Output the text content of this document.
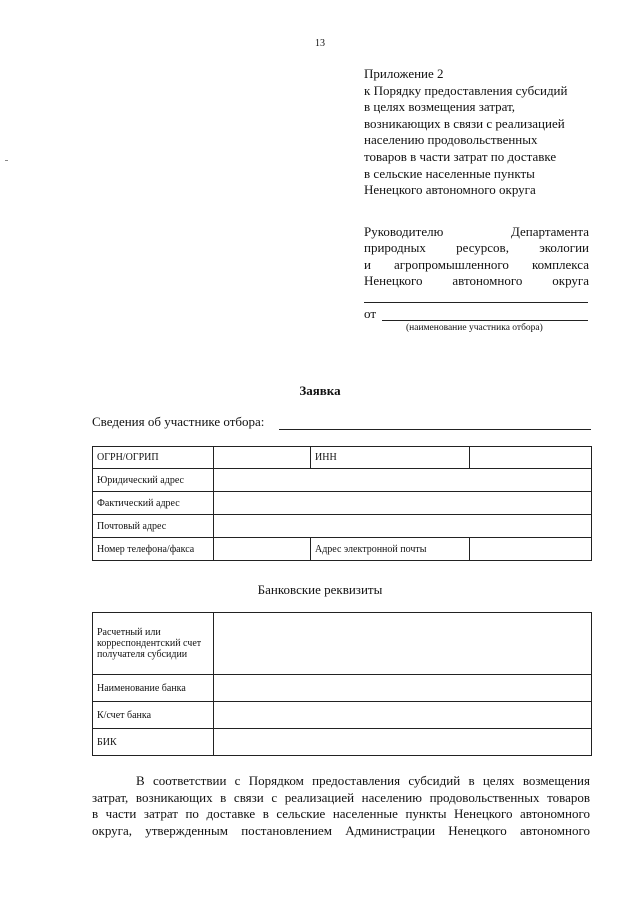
13
Приложение 2
к Порядку предоставления субсидий
в целях возмещения затрат,
возникающих в связи с реализацией
населению продовольственных
товаров в части затрат по доставке
в сельские населенные пункты
Ненецкого автономного округа
Руководителю Департамента
природных ресурсов, экологии
и агропромышленного комплекса
Ненецкого автономного округа
от
(наименование участника отбора)
Заявка
Сведения об участнике отбора:
ОГРН/ОГРИП		ИНН	
Юридический адрес			
Фактический адрес			
Почтовый адрес			
Номер телефона/факса		Адрес электронной почты	
Банковские реквизиты
Расчетный или корреспондентский счет получателя субсидии	
Наименование банка	
К/счет банка	
БИК	
В соответствии с Порядком предоставления субсидий в целях возмещения
затрат, возникающих в связи с реализацией населению продовольственных товаров
в части затрат по доставке в сельские населенные пункты Ненецкого автономного
округа, утвержденным постановлением Администрации Ненецкого автономного
